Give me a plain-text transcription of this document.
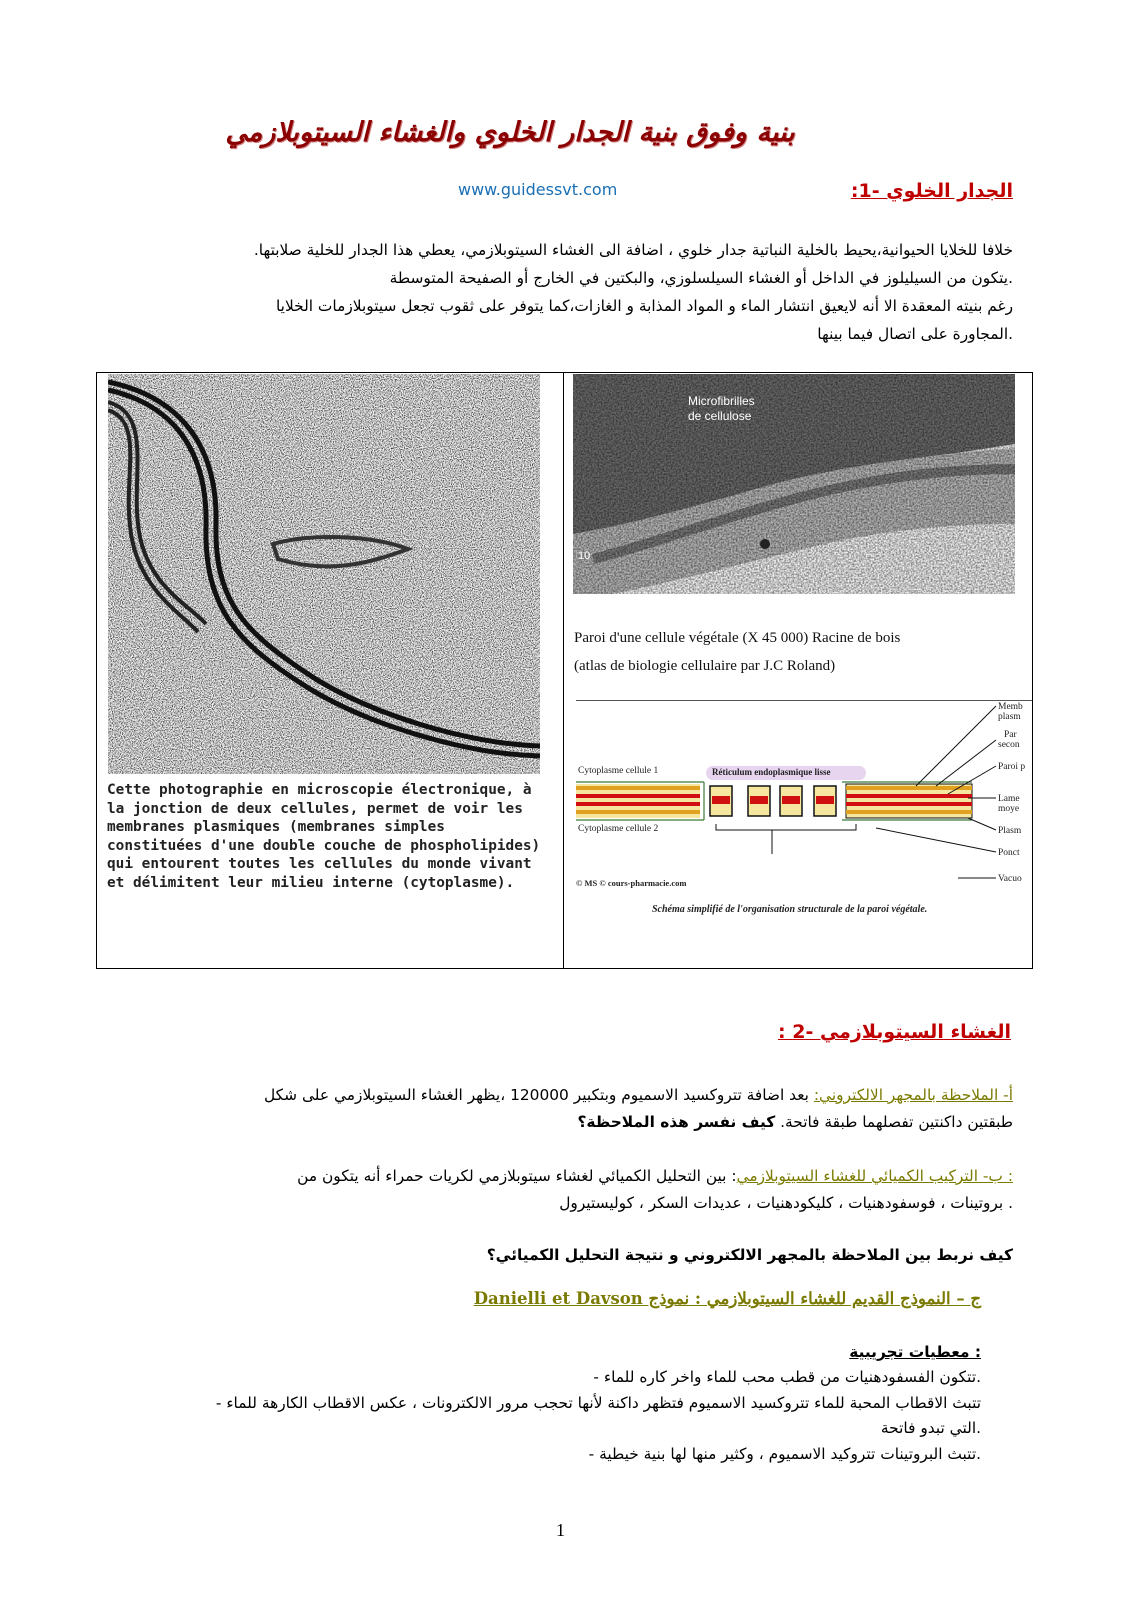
بنية وفوق بنية الجدار الخلوي والغشاء السيتوبلازمي
www.guidessvt.com	الجدار الخلوي -1:

خلافا للخلايا الحيوانية،يحيط بالخلية النباتية جدار خلوي ، اضافة الى الغشاء السيتوبلازمي، يعطي هذا الجدار للخلية صلابتها.

.يتكون من السيليلوز في الداخل أو الغشاء السيلسلوزي، والبكتين في الخارج أو الصفيحة المتوسطة

رغم بنيته المعقدة الا أنه لايعيق انتشار الماء و المواد المذابة و الغازات،كما يتوفر على ثقوب تجعل سيتوبلازمات الخلايا

.المجاورة على اتصال فيما بينها

Cette photographie en microscopie électronique, à la jonction de deux cellules, permet de voir les membranes plasmiques (membranes simples constituées d'une double couche de phospholipides) qui entourent toutes les cellules du monde vivant et délimitent leur milieu interne (cytoplasme).
Microfibrilles
de cellulose
10
Paroi d'une cellule végétale (X 45 000) Racine de bois
(atlas de biologie cellulaire par J.C Roland)
Cytoplasme cellule 1
Cytoplasme cellule 2
Réticulum endoplasmique lisse
Memb
plasm
Par
secon
Paroi p
Lame
moye
Plasm
Ponct
Vacuo
© MS © cours-pharmacie.com
Schéma simplifié de l'organisation structurale de la paroi végétale.
الغشاء السيتوبلازمي -2 :
أ- الملاحظة بالمجهر الالكتروني: بعد اضافة تتروكسيد الاسميوم وبتكبير 120000 ،يظهر الغشاء السيتوبلازمي على شكل
طبقتين داكنتين تفصلهما طبقة فاتحة. كيف نفسر هذه الملاحظة؟
: ب- التركيب الكميائي للغشاء السيتوبلازمي: بين التحليل الكميائي لغشاء سيتوبلازمي لكريات حمراء أنه يتكون من
. بروتينات ، فوسفودهنيات ، كليكودهنيات ، عديدات السكر ، كوليستيرول
كيف نربط بين الملاحظة بالمجهر الالكتروني و نتيجة التحليل الكميائي؟
ج – النموذج القديم للغشاء السيتوبلازمي : نموذج Danielli et Davson
: معطيات تجريبية

.تتكون الفسفودهنيات من قطب محب للماء واخر كاره للماء -

تتبث الاقطاب المحبة للماء تتروكسيد الاسميوم فتظهر داكنة لأنها تحجب مرور الالكترونات ، عكس الاقطاب الكارهة للماء -

.التي تبدو فاتحة

.تتبث البروتينات تتروكيد الاسميوم ، وكثير منها لها بنية خيطية -

1
